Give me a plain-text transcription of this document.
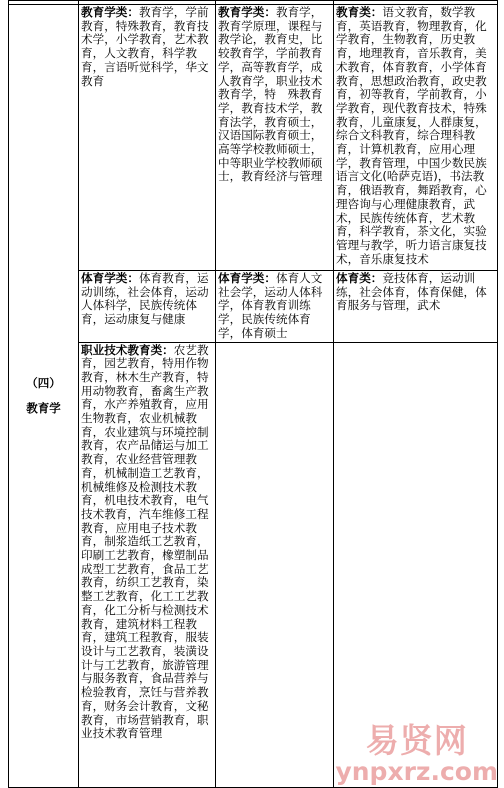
（四）
教育学	教育学类：教育学，学前教育，特殊教育，教育技术学，小学教育，艺术教育，人文教育，科学教育，言语听觉科学，华文教育	教育学类：教育学，教育学原理，课程与教学论，教育史，比较教育学，学前教育学，高等教育学，成人教育学，职业技术教育学，特　殊教育学，教育技术学，教育法学，教育硕士，汉语国际教育硕士，高等学校教师硕士，中等职业学校教师硕士，教育经济与管理	教育类：语文教育，数学教育，英语教育，物理教育，化学教育，生物教育，历史教育，地理教育，音乐教育，美术教育，体育教育，小学体育教育，思想政治教育，政史教育，初等教育，学前教育，小学教育，现代教育技术，特殊教育，儿童康复，人群康复，综合文科教育，综合理科教育，计算机教育，应用心理学，教育管理，中国少数民族语言文化(哈萨克语)，书法教育，俄语教育，舞蹈教育，心理咨询与心理健康教育，武术，民族传统体育，艺术教育，科学教育，茶文化，实验管理与教学，听力语言康复技术，音乐康复技术
	体育学类：体育教育，运动训练，社会体育，运动人体科学，民族传统体育，运动康复与健康	体育学类：体育人文社会学，运动人体科学，体育教育训练学，民族传统体育学，体育硕士	体育类：竞技体育，运动训练，社会体育，体育保健，体育服务与管理，武术
	职业技术教育类：农艺教育，园艺教育，特用作物教育，林木生产教育，特用动物教育，畜禽生产教育，水产养殖教育，应用生物教育，农业机械教育，农业建筑与环境控制教育，农产品储运与加工教育，农业经营管理教育，机械制造工艺教育，机械维修及检测技术教育，机电技术教育，电气技术教育，汽车维修工程教育，应用电子技术教育，制浆造纸工艺教育，印刷工艺教育，橡塑制品成型工艺教育，食品工艺教育，纺织工艺教育，染整工艺教育，化工工艺教育，化工分析与检测技术教育，建筑材料工程教育，建筑工程教育，服装设计与工艺教育，装潢设计与工艺教育，旅游管理与服务教育，食品营养与检验教育，烹饪与营养教育，财务会计教育，文秘教育，市场营销教育，职业技术教育管理			易贤网
ynpxrz.com
